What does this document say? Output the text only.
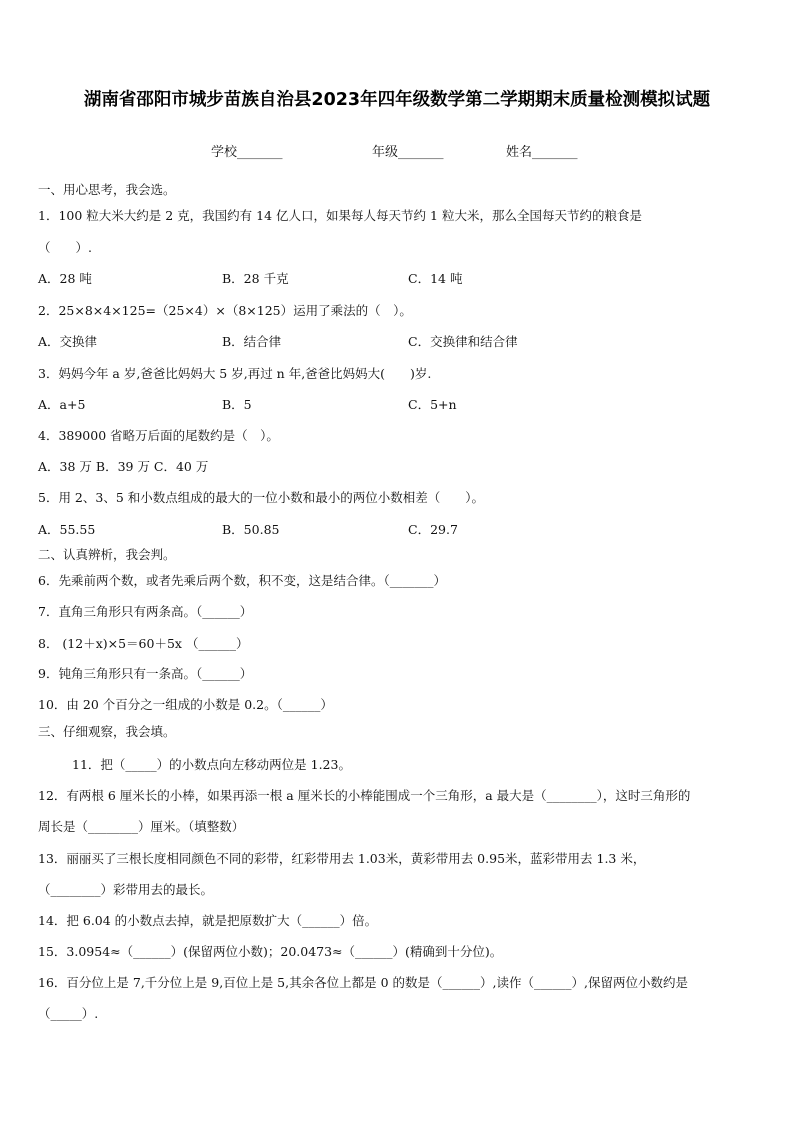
湖南省邵阳市城步苗族自治县2023年四年级数学第二学期期末质量检测模拟试题
学校_______	年级_______	姓名_______
一、用心思考，我会选。
1．100 粒大米大约是 2 克，我国约有 14 亿人口，如果每人每天节约 1 粒大米，那么全国每天节约的粮食是
（　　）.
A．28 吨	B．28 千克	C．14 吨
2．25×8×4×125=（25×4）×（8×125）运用了乘法的（　）。
A．交换律	B．结合律	C．交换律和结合律
3．妈妈今年 a 岁,爸爸比妈妈大 5 岁,再过 n 年,爸爸比妈妈大(　　)岁.
A．a+5	B．5	C．5+n
4．389000 省略万后面的尾数约是（　）。
A．38 万 B．39 万 C．40 万
5．用 2、3、5 和小数点组成的最大的一位小数和最小的两位小数相差（　　）。
A．55.55	B．50.85	C．29.7
二、认真辨析，我会判。
6．先乘前两个数，或者先乘后两个数，积不变，这是结合律。（_______）
7．直角三角形只有两条高。（______）
8． (12＋x)×5＝60＋5x （______）
9．钝角三角形只有一条高。（______）
10．由 20 个百分之一组成的小数是 0.2。（______）
三、仔细观察，我会填。
11．把（_____）的小数点向左移动两位是 1.23。
12．有两根 6 厘米长的小棒，如果再添一根 a 厘米长的小棒能围成一个三角形，a 最大是（________），这时三角形的
周长是（________）厘米。（填整数）
13．丽丽买了三根长度相同颜色不同的彩带，红彩带用去 1.03米，黄彩带用去 0.95米，蓝彩带用去 1.3 米，
（________）彩带用去的最长。
14．把 6.04 的小数点去掉，就是把原数扩大（______）倍。
15．3.0954≈（______）(保留两位小数)；20.0473≈（______）(精确到十分位)。
16．百分位上是 7,千分位上是 9,百位上是 5,其余各位上都是 0 的数是（______）,读作（______）,保留两位小数约是
（_____）.
